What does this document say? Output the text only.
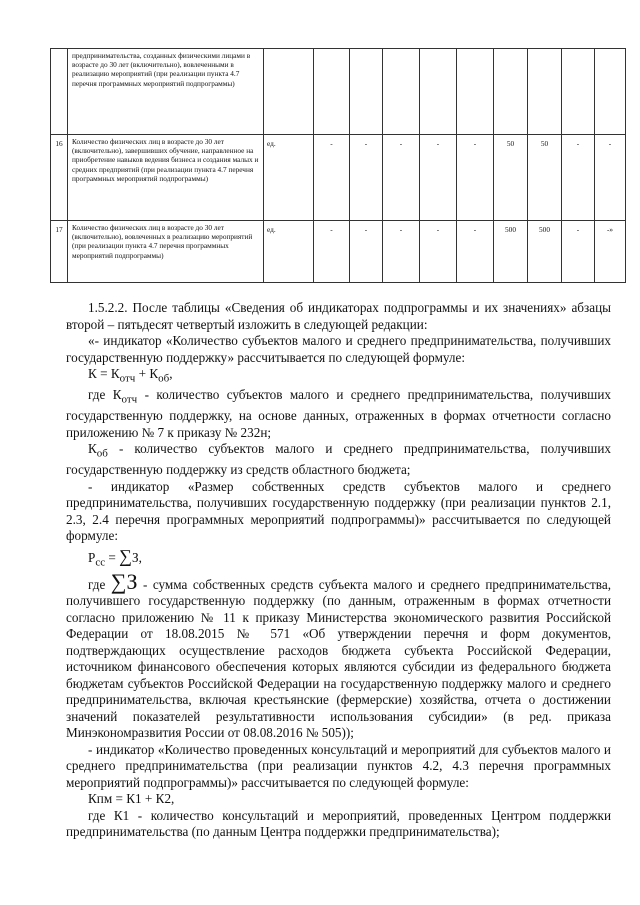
	предпринимательства, созданных физическими лицами в возрасте до 30 лет (включительно), вовлеченными в реализацию мероприятий (при реализации пункта 4.7 перечня программных мероприятий подпрограммы)										
16	Количество физических лиц в возрасте до 30 лет (включительно), завершивших обучение, направленное на приобретение навыков ведения бизнеса и создания малых и средних предприятий (при реализации пункта 4.7 перечня программных мероприятий подпрограммы)	ед.	-	-	-	-	-	50	50	-	-
17	Количество физических лиц в возрасте до 30 лет (включительно), вовлеченных в реализацию мероприятий (при реализации пункта 4.7 перечня программных мероприятий подпрограммы)	ед.	-	-	-	-	-	500	500	-	-»

1.5.2.2. После таблицы «Сведения об индикаторах подпрограммы и их значениях» абзацы второй – пятьдесят четвертый изложить в следующей редакции:

«- индикатор «Количество субъектов малого и среднего предпринимательства, получивших государственную поддержку» рассчитывается по следующей формуле:

$К = К_{отч} + К_{об}$,

где $К_{отч}$ - количество субъектов малого и среднего предпринимательства, получивших государственную поддержку, на основе данных, отраженных в формах отчетности согласно приложению № 7 к приказу № 232н;

$К_{об}$ - количество субъектов малого и среднего предпринимательства, получивших государственную поддержку из средств областного бюджета;

- индикатор «Размер собственных средств субъектов малого и среднего предпринимательства, получивших государственную поддержку (при реализации пунктов 2.1, 2.3, 2.4 перечня программных мероприятий подпрограммы)» рассчитывается по следующей формуле:

$Р_{сс} = \sum З$,

где ∑З - сумма собственных средств субъекта малого и среднего предпринимательства, получившего государственную поддержку (по данным, отраженным в формах отчетности согласно приложению № 11 к приказу Министерства экономического развития Российской Федерации от 18.08.2015 № 571 «Об утверждении перечня и форм документов, подтверждающих осуществление расходов бюджета субъекта Российской Федерации, источником финансового обеспечения которых являются субсидии из федерального бюджета бюджетам субъектов Российской Федерации на государственную поддержку малого и среднего предпринимательства, включая крестьянские (фермерские) хозяйства, отчета о достижении значений показателей результативности использования субсидии» (в ред. приказа Минэкономразвития России от 08.08.2016 № 505));

- индикатор «Количество проведенных консультаций и мероприятий для субъектов малого и среднего предпринимательства (при реализации пунктов 4.2, 4.3 перечня программных мероприятий подпрограммы)» рассчитывается по следующей формуле:

Кпм = К1 + К2,

где К1 - количество консультаций и мероприятий, проведенных Центром поддержки предпринимательства (по данным Центра поддержки предпринимательства);
